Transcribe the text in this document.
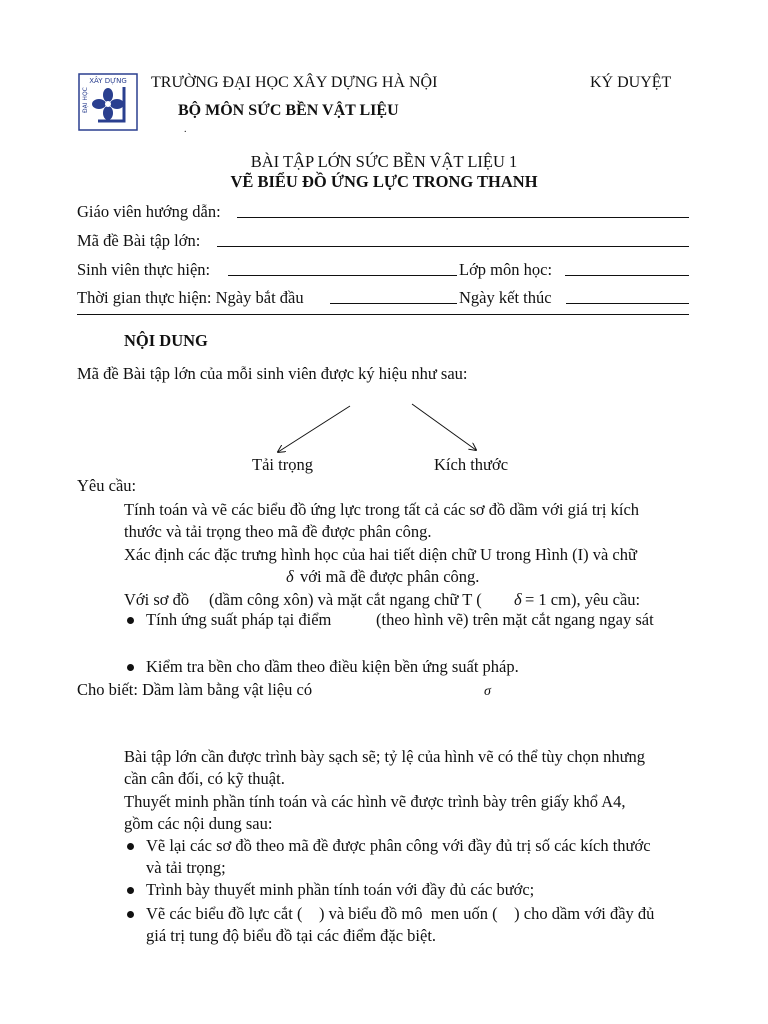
XÂY DỰNG
ĐẠI HỌC
TRƯỜNG ĐẠI HỌC XÂY DỰNG HÀ NỘI	KÝ DUYỆT
BỘ MÔN SỨC BỀN VẬT LIỆU
.
BÀI TẬP LỚN SỨC BỀN VẬT LIỆU 1
VẼ BIỂU ĐỒ ỨNG LỰC TRONG THANH
Giáo viên hướng dẫn:
Mã đề Bài tập lớn:
Sinh viên thực hiện:	Lớp môn học:
Thời gian thực hiện: Ngày bắt đầu	Ngày kết thúc
NỘI DUNG
Mã đề Bài tập lớn của mỗi sinh viên được ký hiệu như sau:
Tải trọng	Kích thước
Yêu cầu:
Tính toán và vẽ các biểu đồ ứng lực trong tất cả các sơ đồ dầm với giá trị kích
thước và tải trọng theo mã đề được phân công.
Xác định các đặc trưng hình học của hai tiết diện chữ U trong Hình (I) và chữ
δ với mã đề được phân công.
Với sơ đồ (dầm công xôn) và mặt cắt ngang chữ T ( δ = 1 cm), yêu cầu:
Tính ứng suất pháp tại điểm	(theo hình vẽ) trên mặt cắt ngang ngay sát
Kiểm tra bền cho dầm theo điều kiện bền ứng suất pháp.
Cho biết: Dầm làm bằng vật liệu có	σ
Bài tập lớn cần được trình bày sạch sẽ; tỷ lệ của hình vẽ có thể tùy chọn nhưng
cần cân đối, có kỹ thuật.
Thuyết minh phần tính toán và các hình vẽ được trình bày trên giấy khổ A4,
gồm các nội dung sau:
Vẽ lại các sơ đồ theo mã đề được phân công với đầy đủ trị số các kích thước
và tải trọng;
Trình bày thuyết minh phần tính toán với đầy đủ các bước;
Vẽ các biểu đồ lực cắt (    ) và biểu đồ mô  men uốn (    ) cho dầm với đầy đủ
giá trị tung độ biểu đồ tại các điểm đặc biệt.
